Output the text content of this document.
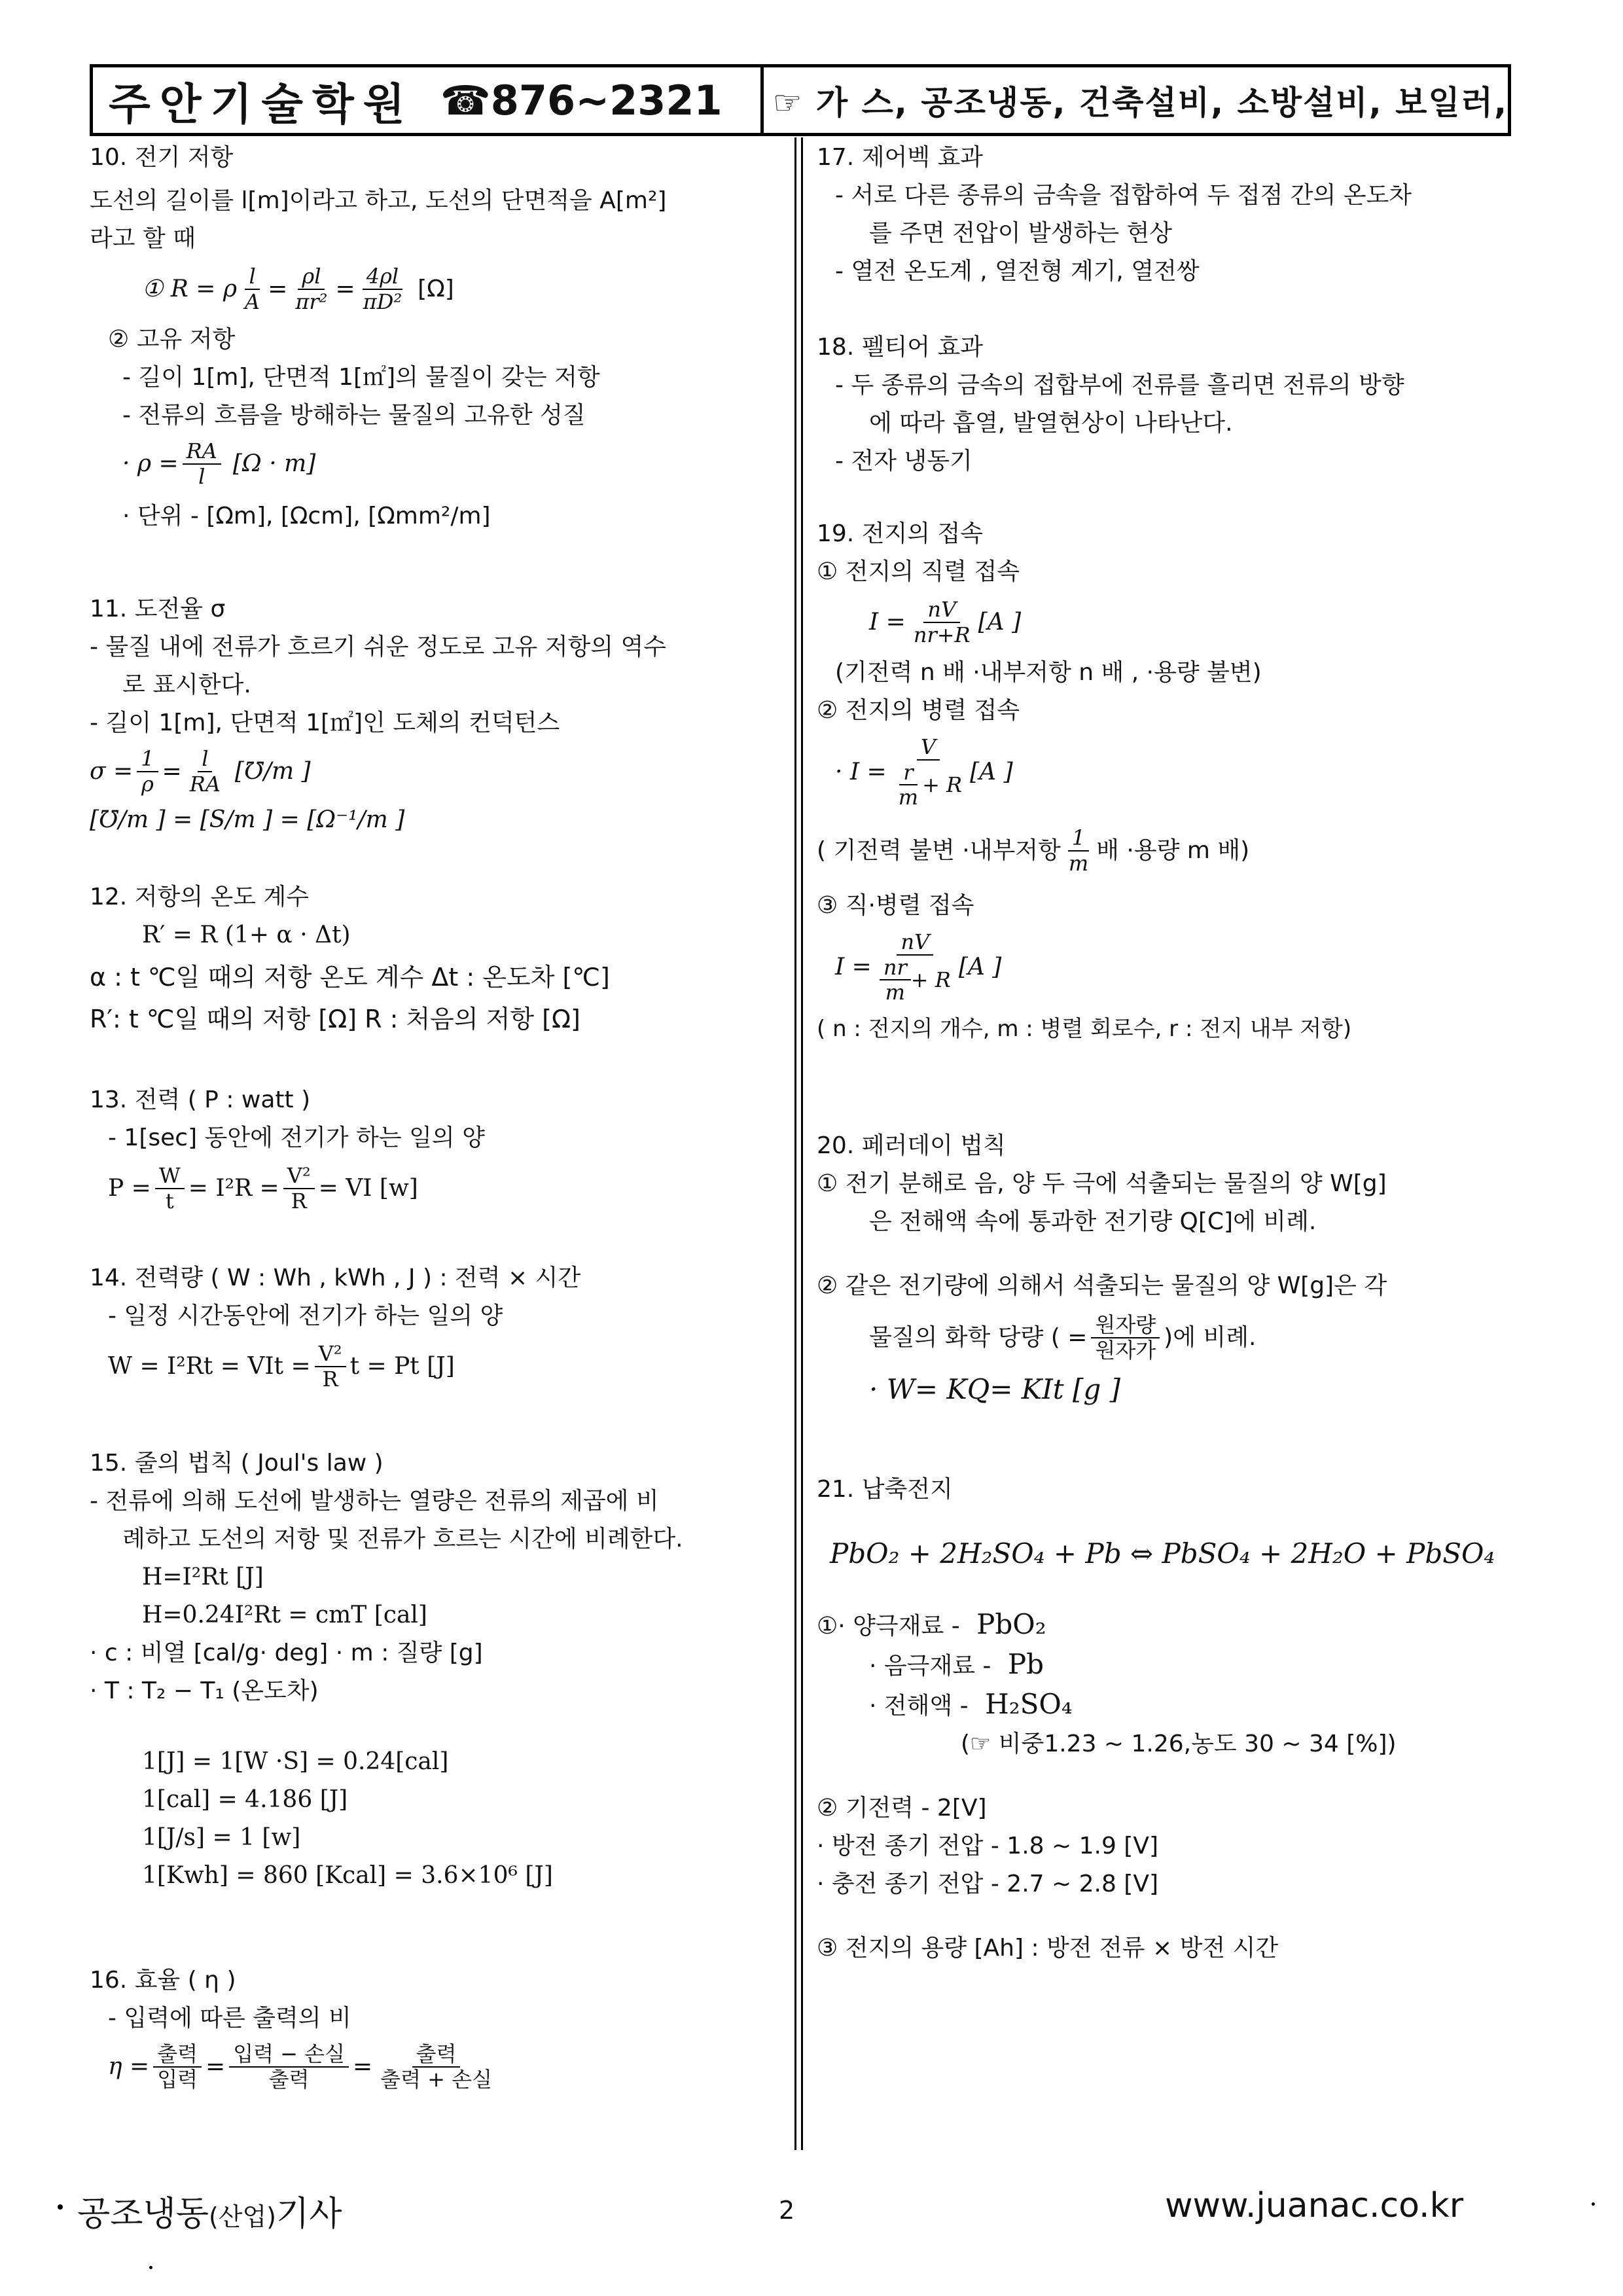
주안기술학원 ☎876~2321 ☞ 가 스, 공조냉동, 건축설비, 소방설비, 보일러,
10. 전기 저항
도선의 길이를 l[m]이라고 하고, 도선의 단면적을 A[m²]
라고 할 때
① R = ρ $\frac{l}{A} = \frac{\rho l}{\text{πr²}} = \frac{4\rho l}{\text{πD²}} [\Omega]$
② 고유 저항
- 길이 1[m], 단면적 1[㎡]의 물질이 갖는 저항
- 전류의 흐름을 방해하는 물질의 고유한 성질
· $\rho = \frac{RA}{l} [\Omega \cdot m]$
· 단위 - [Ωm], [Ωcm], [Ωmm²/m]
11. 도전율 σ
- 물질 내에 전류가 흐르기 쉬운 정도로 고유 저항의 역수
로 표시한다.
- 길이 1[m], 단면적 1[㎡]인 도체의 컨덕턴스
$\sigma = \frac{1}{\rho} = \frac{l}{RA}$ [℧/m ]
[℧/m ] = [S/m ] = [Ω⁻¹/m ]
12. 저항의 온도 계수
R′ = R (1+ α · Δt)
α : t ℃일 때의 저항 온도 계수 Δt : 온도차 [℃]
R′: t ℃일 때의 저항 [Ω] R : 처음의 저항 [Ω]
13. 전력 ( P : watt )
- 1[sec] 동안에 전기가 하는 일의 양
$P = \frac{W}{t} = I^2R = \frac{\text{V²}}{R}$ = VI [w]
14. 전력량 ( W : Wh , kWh , J ) : 전력 × 시간
- 일정 시간동안에 전기가 하는 일의 양
W = I²Rt = VIt = $\frac{\text{V²}}{R}$ t = Pt [J]
15. 줄의 법칙 ( Joul's law )
- 전류에 의해 도선에 발생하는 열량은 전류의 제곱에 비
례하고 도선의 저항 및 전류가 흐르는 시간에 비례한다.
H=I²Rt [J]
H=0.24I²Rt = cmT [cal]
· c : 비열 [cal/g· deg] · m : 질량 [g]
· T : T₂ − T₁ (온도차)
1[J] = 1[W ·S] = 0.24[cal]
1[cal] = 4.186 [J]
1[J/s] = 1 [w]
1[Kwh] = 860 [Kcal] = 3.6×10⁶ [J]
16. 효율 ( η )
- 입력에 따른 출력의 비
$\eta = \frac{\text{출력}}{\text{입력}} = \frac{\text{입력 − 손실}}{\text{출력}} = \frac{\text{출력}}{\text{출력 + 손실}}$
17. 제어벡 효과
- 서로 다른 종류의 금속을 접합하여 두 접점 간의 온도차
를 주면 전압이 발생하는 현상
- 열전 온도계 , 열전형 계기, 열전쌍
18. 펠티어 효과
- 두 종류의 금속의 접합부에 전류를 흘리면 전류의 방향
에 따라 흡열, 발열현상이 나타난다.
- 전자 냉동기
19. 전지의 접속
① 전지의 직렬 접속
$I = \frac{nV}{nr+R} [A$ ]
(기전력 n 배 ·내부저항 n 배 , ·용량 불변)
② 전지의 병렬 접속
· $I = \frac{V}{\frac{r}{m} + R} [A$ ]
( 기전력 불변 ·내부저항 $\frac{1}{m}$ 배 ·용량 m 배)
③ 직·병렬 접속
$I = \frac{nV}{\frac{nr}{m} + R} [A$ ]
( n : 전지의 개수, m : 병렬 회로수, r : 전지 내부 저항)
20. 페러데이 법칙
① 전기 분해로 음, 양 두 극에 석출되는 물질의 양 W[g]
은 전해액 속에 통과한 전기량 Q[C]에 비례.
② 같은 전기량에 의해서 석출되는 물질의 양 W[g]은 각
물질의 화학 당량 ( = $\frac{\text{원자량}}{\text{원자가}}$ )에 비례.
· W= KQ= KIt [g ]
21. 납축전지
PbO₂ + 2H₂SO₄ + Pb ⇔ PbSO₄ + 2H₂O + PbSO₄
①· 양극재료 - PbO₂
· 음극재료 - Pb
· 전해액 - H₂SO₄
(☞ 비중1.23 ~ 1.26,농도 30 ~ 34 [%])
② 기전력 - 2[V]
· 방전 종기 전압 - 1.8 ~ 1.9 [V]
· 충전 종기 전압 - 2.7 ~ 2.8 [V]
③ 전지의 용량 [Ah] : 방전 전류 × 방전 시간
공조냉동(산업)기사	2	www.juanac.co.kr
